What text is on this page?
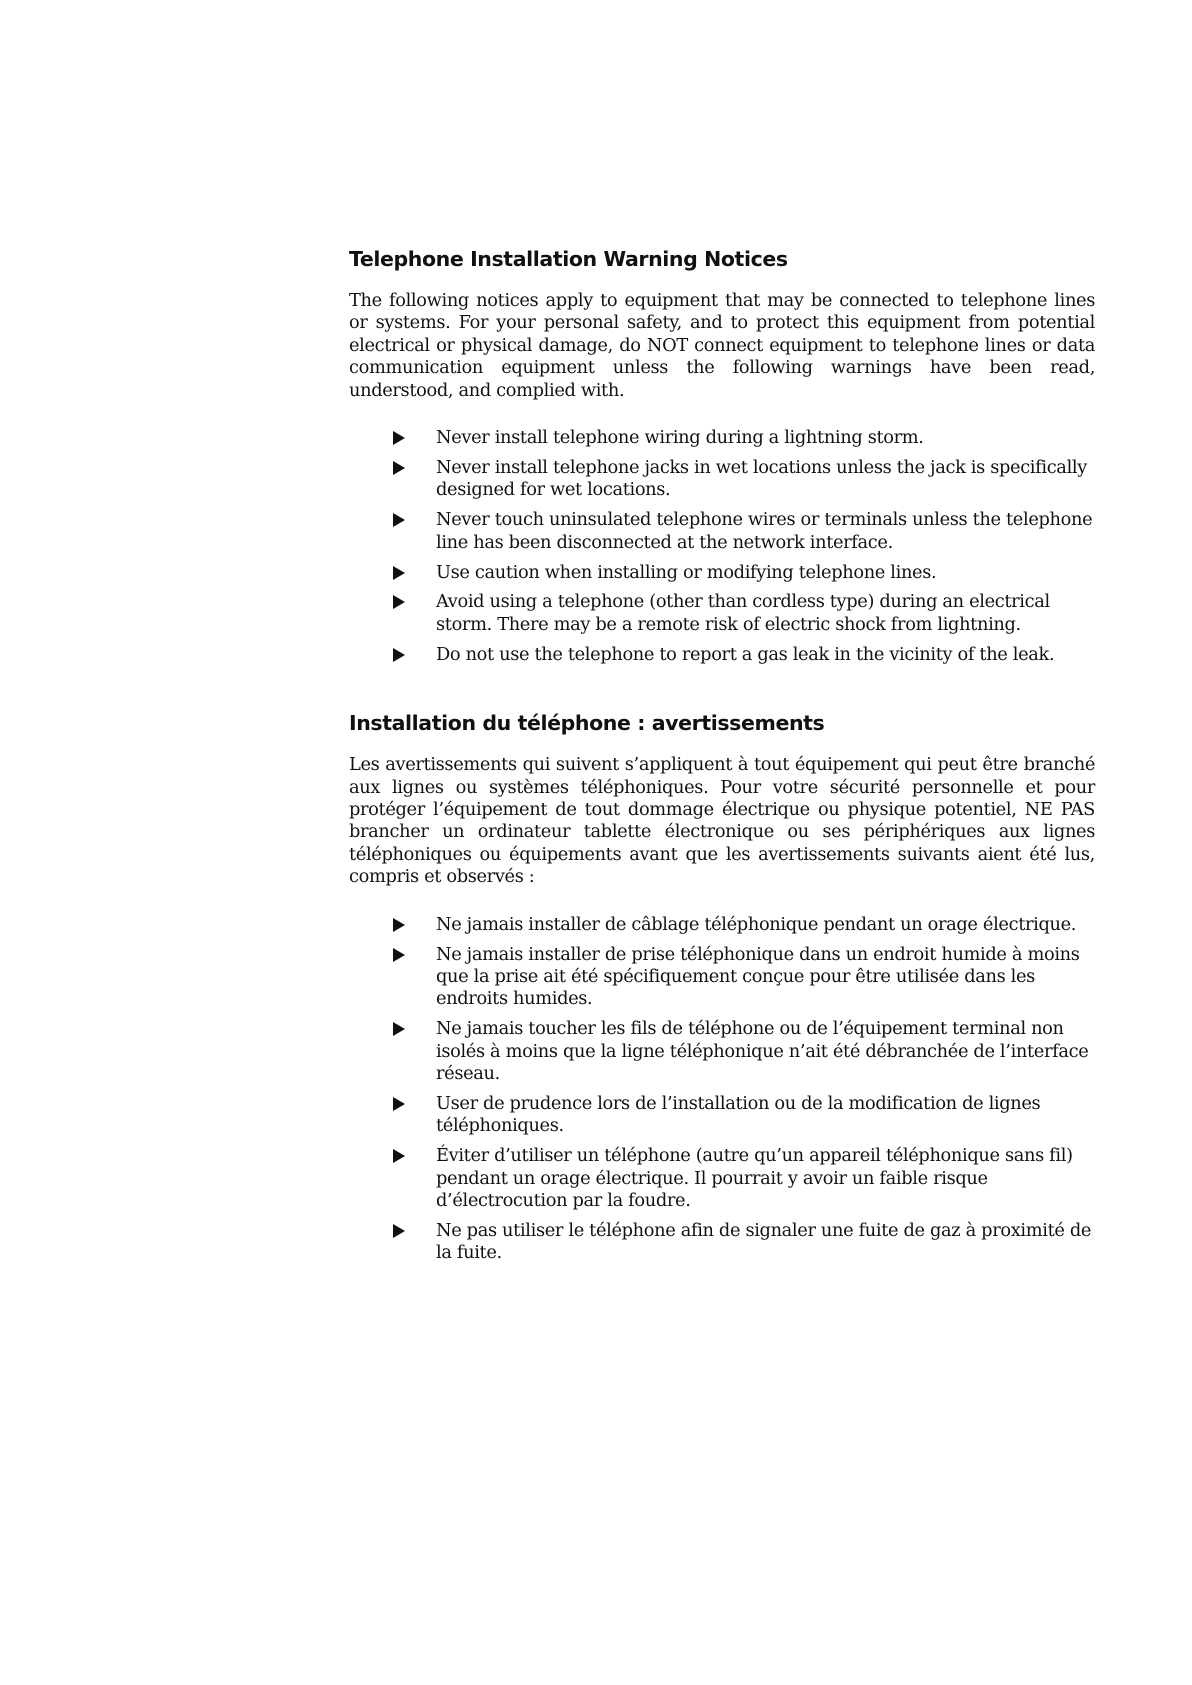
Telephone Installation Warning Notices

The following notices apply to equipment that may be connected to telephone lines or systems. For your personal safety, and to protect this equipment from potential electrical or physical damage, do NOT connect equipment to telephone lines or data communication equipment unless the following warnings have been read, understood, and complied with.

Never install telephone wiring during a lightning storm.
Never install telephone jacks in wet locations unless the jack is specifically designed for wet locations.
Never touch uninsulated telephone wires or terminals unless the telephone line has been disconnected at the network interface.
Use caution when installing or modifying telephone lines.
Avoid using a telephone (other than cordless type) during an electrical storm. There may be a remote risk of electric shock from lightning.
Do not use the telephone to report a gas leak in the vicinity of the leak.
Installation du téléphone : avertissements

Les avertissements qui suivent s’appliquent à tout équipement qui peut être branché aux lignes ou systèmes téléphoniques. Pour votre sécurité personnelle et pour protéger l’équipement de tout dommage électrique ou physique potentiel, NE PAS brancher un ordinateur tablette électronique ou ses périphériques aux lignes téléphoniques ou équipements avant que les avertissements suivants aient été lus, compris et observés :

Ne jamais installer de câblage téléphonique pendant un orage électrique.
Ne jamais installer de prise téléphonique dans un endroit humide à moins que la prise ait été spécifiquement conçue pour être utilisée dans les endroits humides.
Ne jamais toucher les fils de téléphone ou de l’équipement terminal non isolés à moins que la ligne téléphonique n’ait été débranchée de l’interface réseau.
User de prudence lors de l’installation ou de la modification de lignes téléphoniques.
Éviter d’utiliser un téléphone (autre qu’un appareil téléphonique sans fil) pendant un orage électrique. Il pourrait y avoir un faible risque d’électrocution par la foudre.
Ne pas utiliser le téléphone afin de signaler une fuite de gaz à proximité de la fuite.
